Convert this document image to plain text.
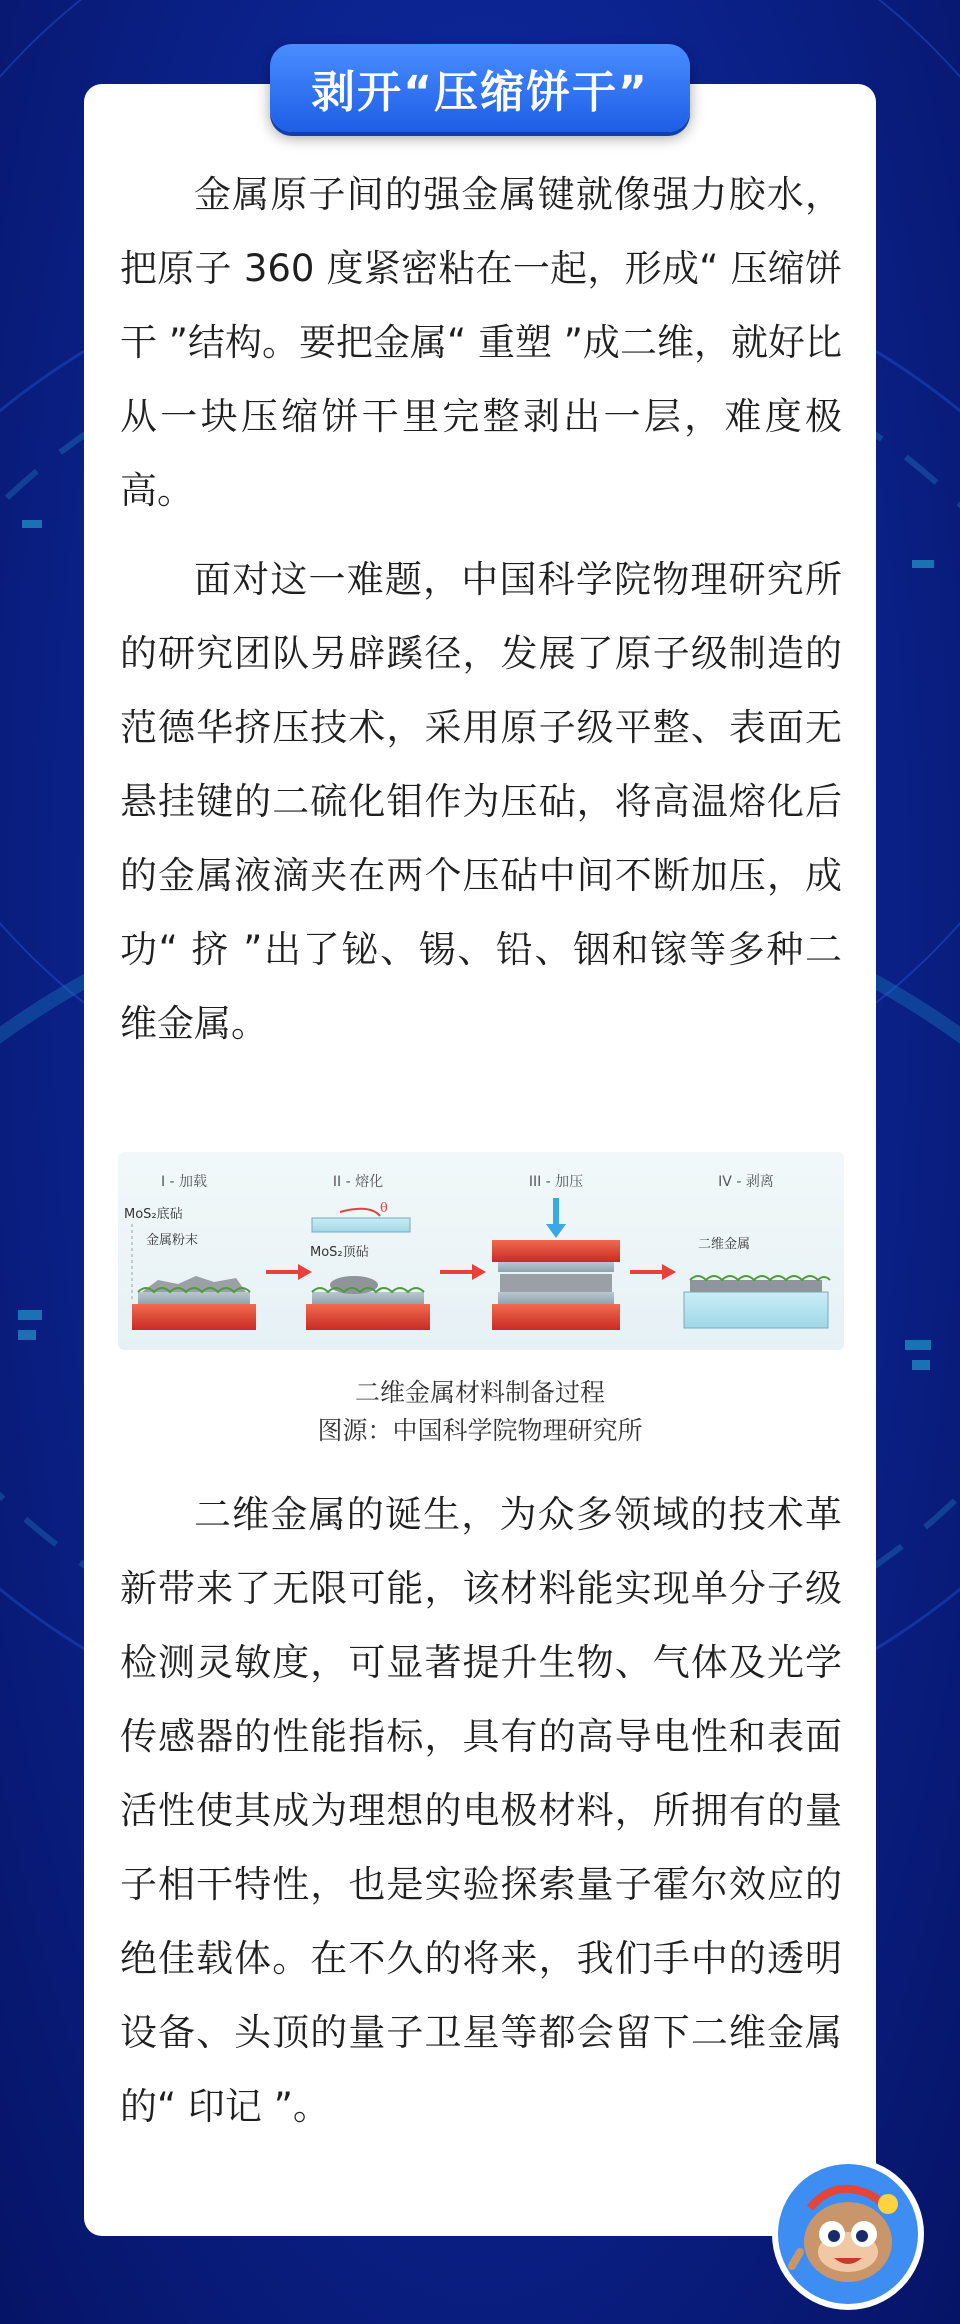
剥开“压缩饼干”

金属原子间的强金属键就像强力胶水，把原子 360 度紧密粘在一起，形成“ 压缩饼干 ”结构。要把金属“ 重塑 ”成二维，就好比从一块压缩饼干里完整剥出一层，难度极高。

面对这一难题，中国科学院物理研究所的研究团队另辟蹊径，发展了原子级制造的范德华挤压技术，采用原子级平整、表面无悬挂键的二硫化钼作为压砧，将高温熔化后的金属液滴夹在两个压砧中间不断加压，成功“ 挤 ”出了铋、锡、铅、铟和镓等多种二维金属。

I - 加载	II - 熔化	III - 加压	IV - 剥离
MoS₂底砧
金属粉末
θ
MoS₂顶砧
二维金属
二维金属材料制备过程
图源：中国科学院物理研究所

二维金属的诞生，为众多领域的技术革新带来了无限可能，该材料能实现单分子级检测灵敏度，可显著提升生物、气体及光学传感器的性能指标，具有的高导电性和表面活性使其成为理想的电极材料，所拥有的量子相干特性，也是实验探索量子霍尔效应的绝佳载体。在不久的将来，我们手中的透明设备、头顶的量子卫星等都会留下二维金属的“ 印记 ”。
